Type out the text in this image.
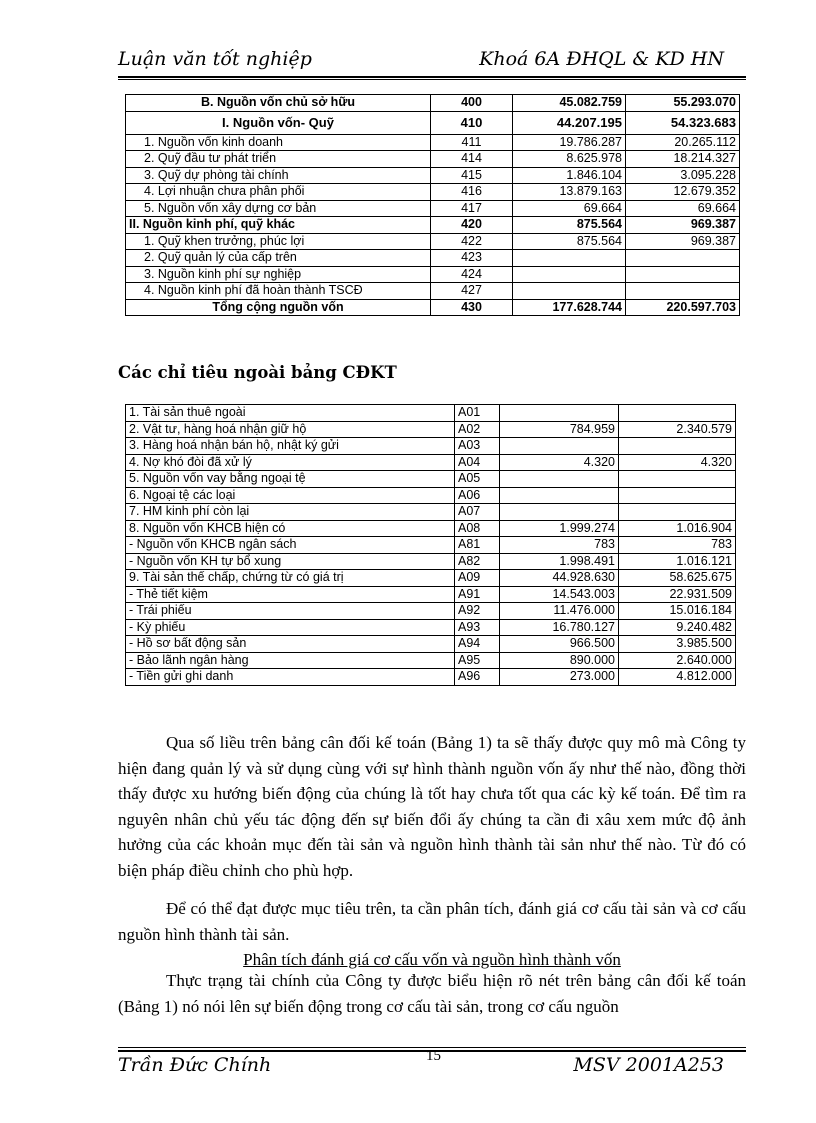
Luận văn tốt nghiệp	Khoá 6A ĐHQL & KD HN
B. Nguồn vốn chủ sở hữu	400	45.082.759	55.293.070
I. Nguồn vốn- Quỹ	410	44.207.195	54.323.683
1. Nguồn vốn kinh doanh	411	19.786.287	20.265.112
2. Quỹ đầu tư phát triển	414	8.625.978	18.214.327
3. Quỹ dự phòng tài chính	415	1.846.104	3.095.228
4. Lợi nhuận chưa phân phối	416	13.879.163	12.679.352
5. Nguồn vốn xây dựng cơ bản	417	69.664	69.664
II. Nguồn kinh phí, quỹ khác	420	875.564	969.387
1. Quỹ khen trưởng, phúc lợi	422	875.564	969.387
2. Quỹ quản lý của cấp trên	423		
3. Nguồn kinh phí sự nghiệp	424		
4. Nguồn kinh phí đã hoàn thành TSCĐ	427		
Tổng cộng nguồn vốn	430	177.628.744	220.597.703
Các chỉ tiêu ngoài bảng CĐKT
1. Tài sản thuê ngoài	A01		
2. Vật tư, hàng hoá nhận giữ hộ	A02	784.959	2.340.579
3. Hàng hoá nhận bán hộ, nhật ký gửi	A03		
4. Nợ khó đòi đã xử lý	A04	4.320	4.320
5. Nguồn vốn vay bằng ngoại tệ	A05		
6. Ngoại tệ các loại	A06		
7. HM kinh phí còn lại	A07		
8. Nguồn vốn KHCB hiện có	A08	1.999.274	1.016.904
- Nguồn vốn KHCB ngân sách	A81	783	783
- Nguồn vốn KH tự bổ xung	A82	1.998.491	1.016.121
9. Tài sản thế chấp, chứng từ có giá trị	A09	44.928.630	58.625.675
- Thẻ tiết kiệm	A91	14.543.003	22.931.509
- Trái phiếu	A92	11.476.000	15.016.184
- Kỳ phiếu	A93	16.780.127	9.240.482
- Hồ sơ bất động sản	A94	966.500	3.985.500
- Bảo lãnh ngân hàng	A95	890.000	2.640.000
- Tiền gửi ghi danh	A96	273.000	4.812.000
Qua số liều trên bảng cân đối kế toán (Bảng 1) ta sẽ thấy được quy mô mà Công ty hiện đang quản lý và sử dụng cùng với sự hình thành nguồn vốn ấy như thế nào, đồng thời thấy được xu hướng biến động của chúng là tốt hay chưa tốt qua các kỳ kế toán. Để tìm ra nguyên nhân chủ yếu tác động đến sự biến đổi ấy chúng ta cần đi xâu xem mức độ ảnh hưởng của các khoản mục đến tài sản và nguồn hình thành tài sản như thế nào. Từ đó có biện pháp điều chỉnh cho phù hợp.
Để có thể đạt được mục tiêu trên, ta cần phân tích, đánh giá cơ cấu tài sản và cơ cấu nguồn hình thành tài sản.
Phân tích đánh giá cơ cấu vốn và nguồn hình thành vốn
Thực trạng tài chính của Công ty được biểu hiện rõ nét trên bảng cân đối kế toán (Bảng 1) nó nói lên sự biến động trong cơ cấu tài sản, trong cơ cấu nguồn
Trần Đức Chính	15	MSV 2001A253
